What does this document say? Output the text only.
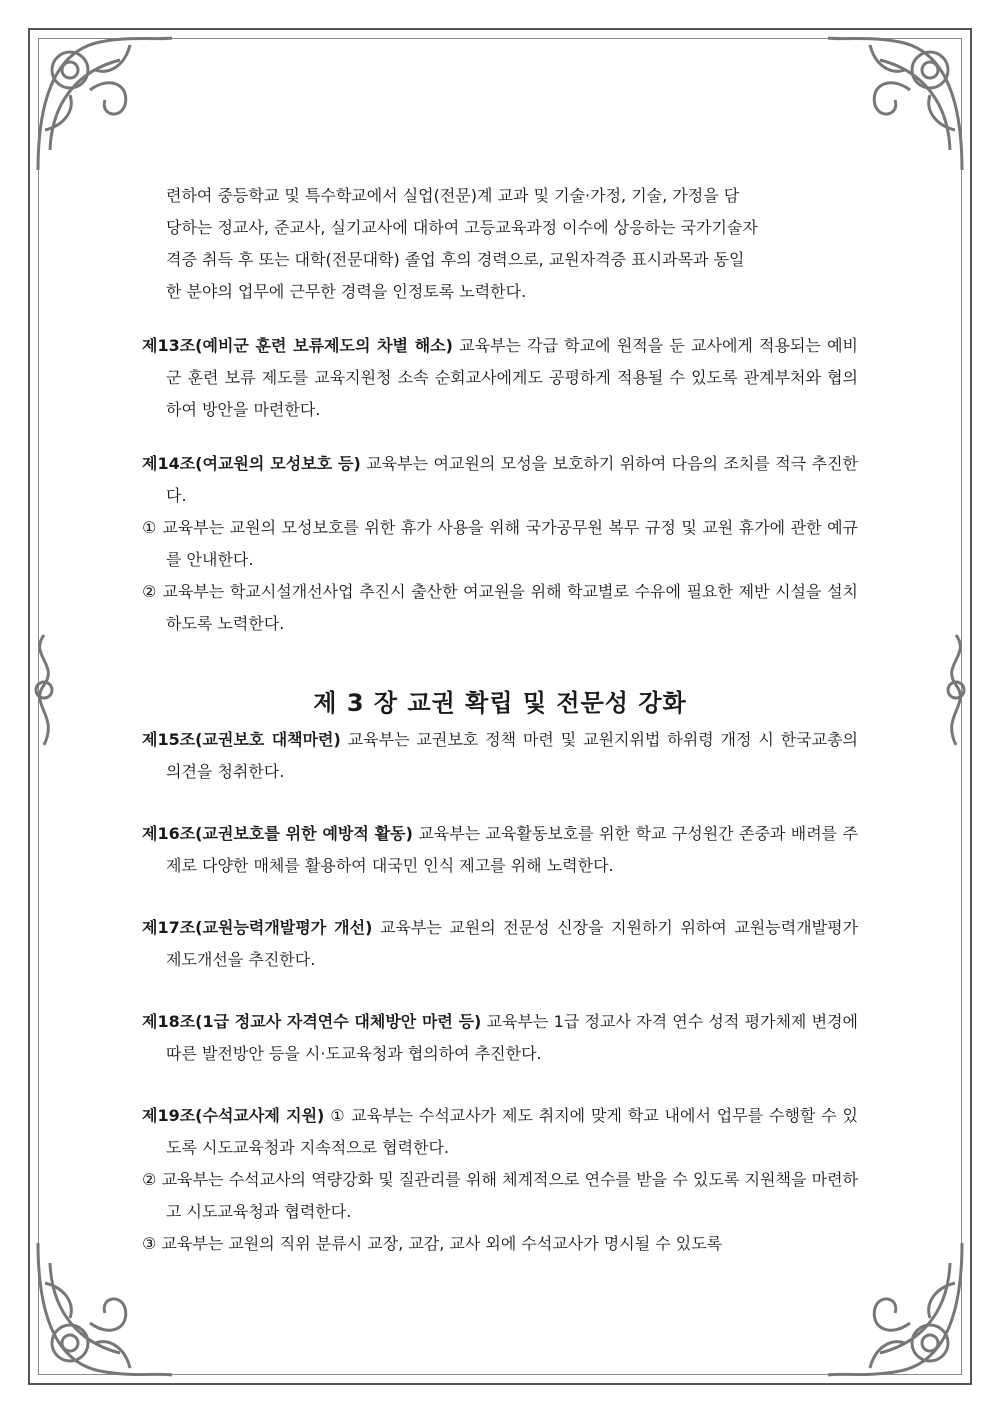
련하여 중등학교 및 특수학교에서 실업(전문)계 교과 및 기술·가정, 기술, 가정을 담

당하는 정교사, 준교사, 실기교사에 대하여 고등교육과정 이수에 상응하는 국가기술자

격증 취득 후 또는 대학(전문대학) 졸업 후의 경력으로, 교원자격증 표시과목과 동일

한 분야의 업무에 근무한 경력을 인정토록 노력한다.

제13조(예비군 훈련 보류제도의 차별 해소) 교육부는 각급 학교에 원적을 둔 교사에게 적용되는 예비군 훈련 보류 제도를 교육지원청 소속 순회교사에게도 공평하게 적용될 수 있도록 관계부처와 협의하여 방안을 마련한다.

제14조(여교원의 모성보호 등) 교육부는 여교원의 모성을 보호하기 위하여 다음의 조치를 적극 추진한다.

① 교육부는 교원의 모성보호를 위한 휴가 사용을 위해 국가공무원 복무 규정 및 교원 휴가에 관한 예규를 안내한다.

② 교육부는 학교시설개선사업 추진시 출산한 여교원을 위해 학교별로 수유에 필요한 제반 시설을 설치하도록 노력한다.

제 3 장 교권 확립 및 전문성 강화

제15조(교권보호 대책마련) 교육부는 교권보호 정책 마련 및 교원지위법 하위령 개정 시 한국교총의 의견을 청취한다.

제16조(교권보호를 위한 예방적 활동) 교육부는 교육활동보호를 위한 학교 구성원간 존중과 배려를 주제로 다양한 매체를 활용하여 대국민 인식 제고를 위해 노력한다.

제17조(교원능력개발평가 개선) 교육부는 교원의 전문성 신장을 지원하기 위하여 교원능력개발평가 제도개선을 추진한다.

제18조(1급 정교사 자격연수 대체방안 마련 등) 교육부는 1급 정교사 자격 연수 성적 평가체제 변경에 따른 발전방안 등을 시·도교육청과 협의하여 추진한다.

제19조(수석교사제 지원) ① 교육부는 수석교사가 제도 취지에 맞게 학교 내에서 업무를 수행할 수 있도록 시도교육청과 지속적으로 협력한다.

② 교육부는 수석교사의 역량강화 및 질관리를 위해 체계적으로 연수를 받을 수 있도록 지원책을 마련하고 시도교육청과 협력한다.

③ 교육부는 교원의 직위 분류시 교장, 교감, 교사 외에 수석교사가 명시될 수 있도록
